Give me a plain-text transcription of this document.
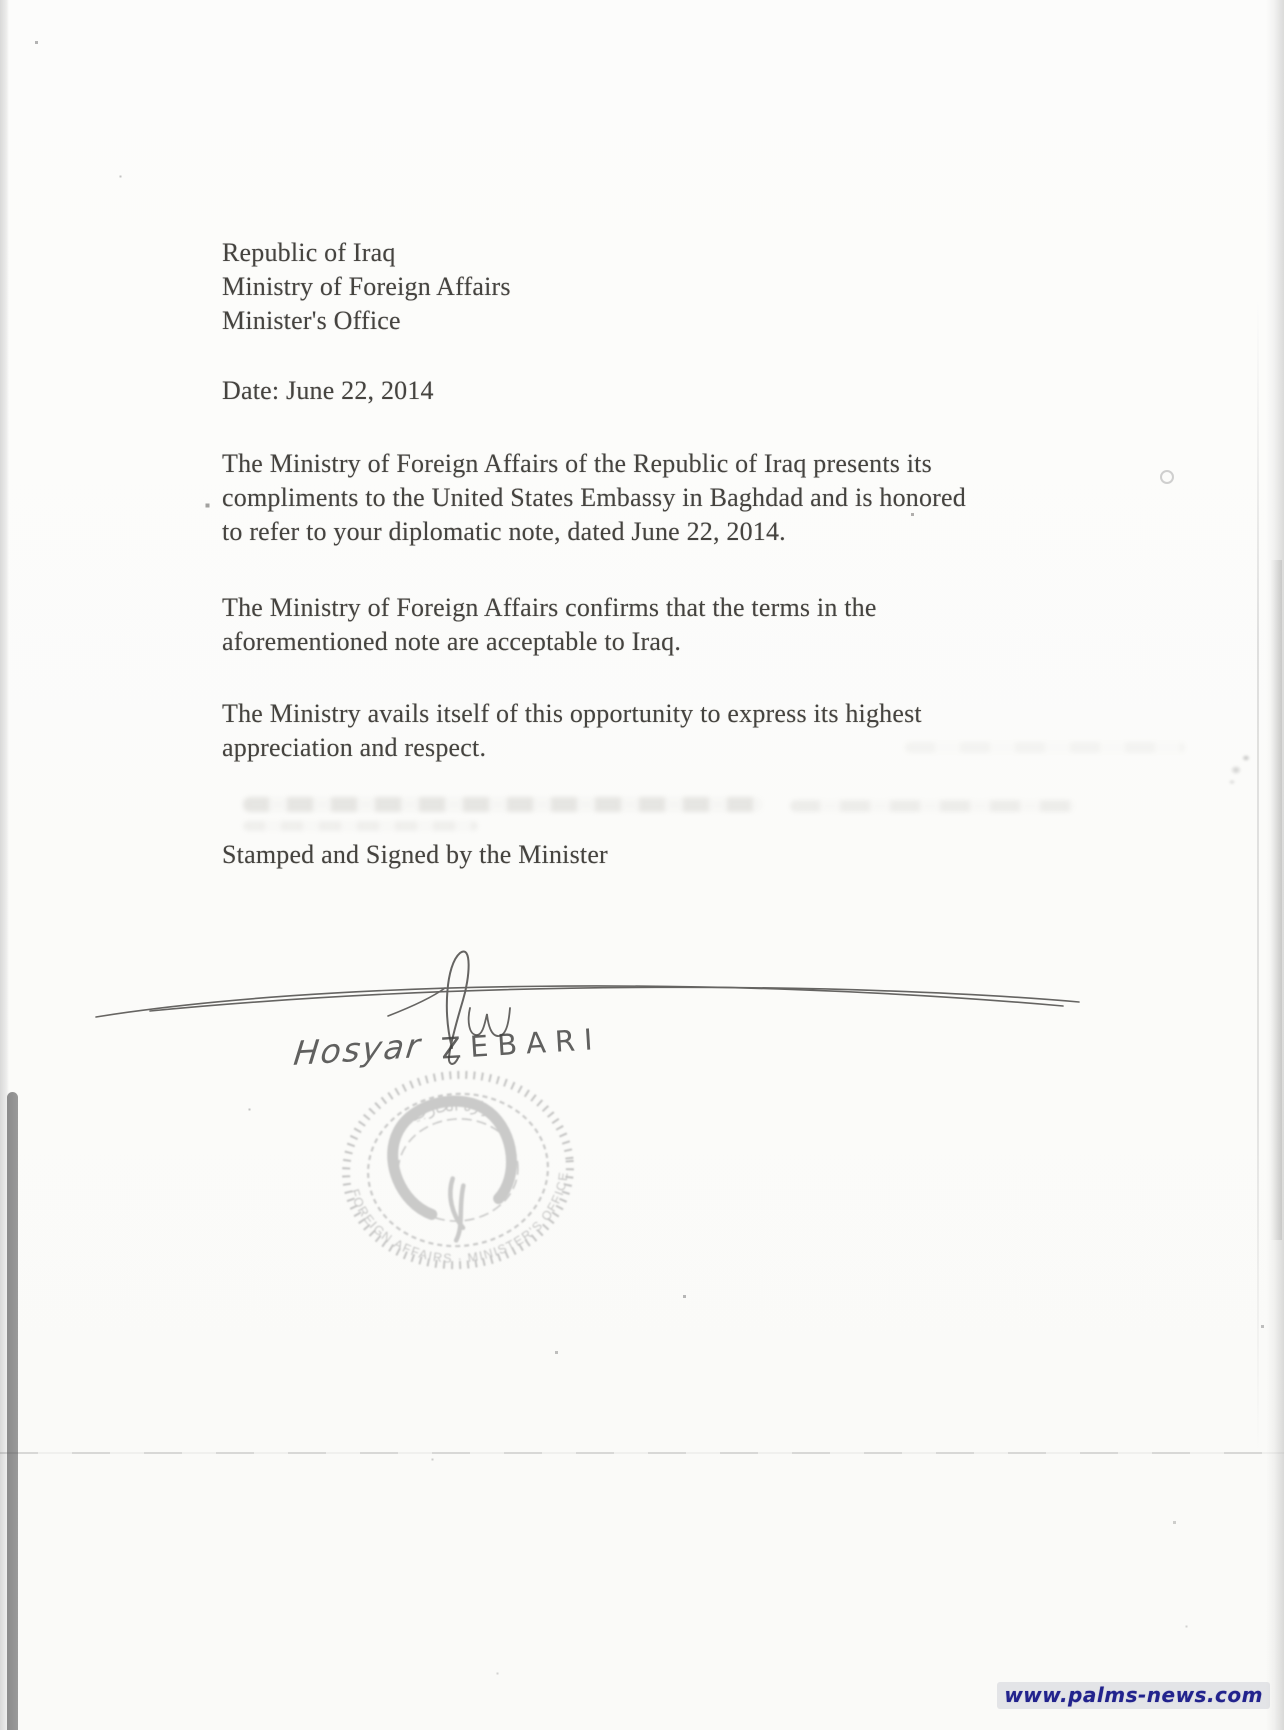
Republic of Iraq
Ministry of Foreign Affairs
Minister's Office
Date: June 22, 2014
The Ministry of Foreign Affairs of the Republic of Iraq presents its
compliments to the United States Embassy in Baghdad and is honored
to refer to your diplomatic note, dated June 22, 2014.
The Ministry of Foreign Affairs confirms that the terms in the
aforementioned note are acceptable to Iraq.
The Ministry avails itself of this opportunity to express its highest
appreciation and respect.
Stamped and Signed by the Minister
وزارة الخارجية
FOREIGN AFFAIRS · MINISTER'S OFFICE
Hosyar ZEBARI
www.palms-news.com
